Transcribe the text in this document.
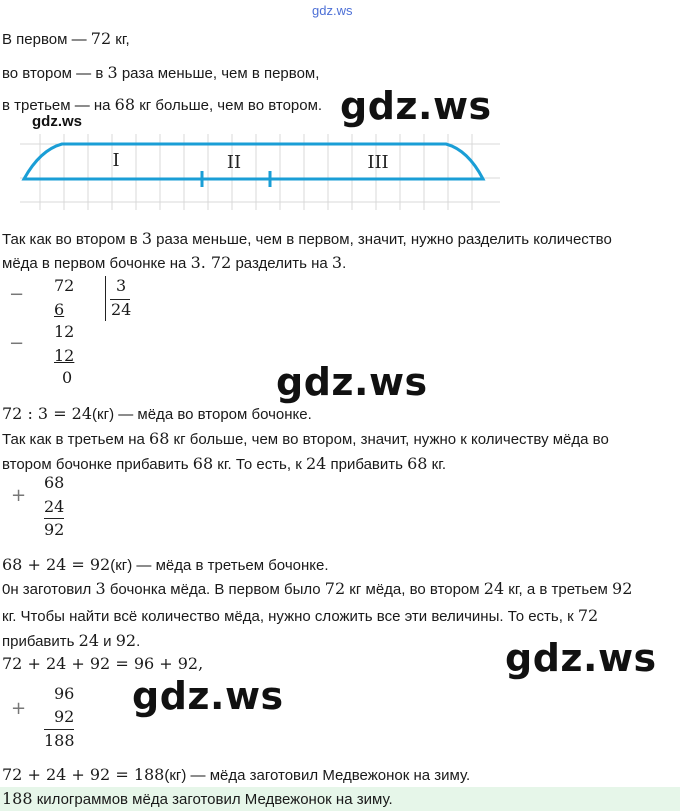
gdz.ws
gdz.ws
gdz.ws
gdz.ws
gdz.ws
gdz.ws
В первом — 72 кг,
во втором — в 3 раза меньше, чем в первом,
в третьем — на 68 кг больше, чем во втором.
I	II	III
Так как во втором в 3 раза меньше, чем в первом, значит, нужно разделить количество
мёда в первом бочонке на 3. 72 разделить на 3.
− 72
6
12
−
12
0
3
24
72 : 3 = 24(кг) — мёда во втором бочонке.
Так как в третьем на 68 кг больше, чем во втором, значит, нужно к количеству мёда во
втором бочонке прибавить 68 кг. То есть, к 24 прибавить 68 кг.
+
68
24
92
68 + 24 = 92(кг) — мёда в третьем бочонке.
0н заготовил 3 бочонка мёда. В первом было 72 кг мёда, во втором 24 кг, а в третьем 92
кг. Чтобы найти всё количество мёда, нужно сложить все эти величины. То есть, к 72
прибавить 24 и 92.
72 + 24 + 92 = 96 + 92,
+
96
92
188
72 + 24 + 92 = 188(кг) — мёда заготовил Медвежонок на зиму.
188 килограммов мёда заготовил Медвежонок на зиму.
